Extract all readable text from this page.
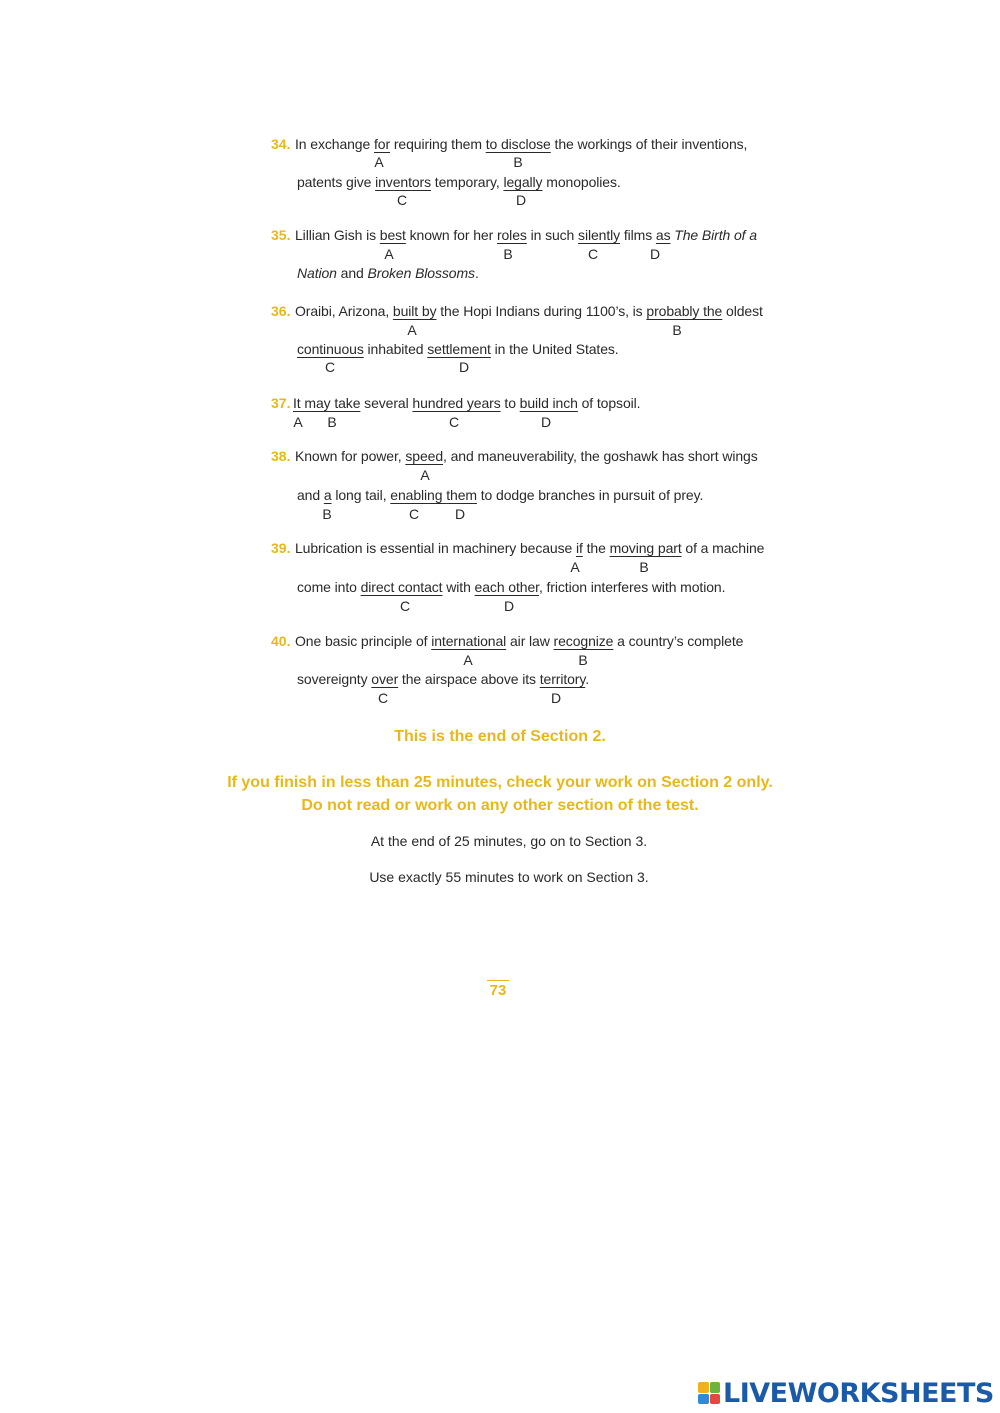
34. In exchange for requiring them to disclose the workings of their inventions,
A	B
patents give inventors temporary, legally monopolies.
C	D
35. Lillian Gish is best known for her roles in such silently films as The Birth of a
A	B	C	D
Nation and Broken Blossoms.
36. Oraibi, Arizona, built by the Hopi Indians during 1100’s, is probably the oldest
A	B
continuous inhabited settlement in the United States.
C	D
37. It may take several hundred years to build inch of topsoil.
A B	C	D
38. Known for power, speed, and maneuverability, the goshawk has short wings
A
and a long tail, enabling them to dodge branches in pursuit of prey.
B	C	D
39. Lubrication is essential in machinery because if the moving part of a machine
A	B
come into direct contact with each other, friction interferes with motion.
C	D
40. One basic principle of international air law recognize a country’s complete
A	B
sovereignty over the airspace above its territory.
C	D
This is the end of Section 2.
If you finish in less than 25 minutes, check your work on Section 2 only.
Do not read or work on any other section of the test.
At the end of 25 minutes, go on to Section 3.
Use exactly 55 minutes to work on Section 3.
73
LIVEWORKSHEETS
